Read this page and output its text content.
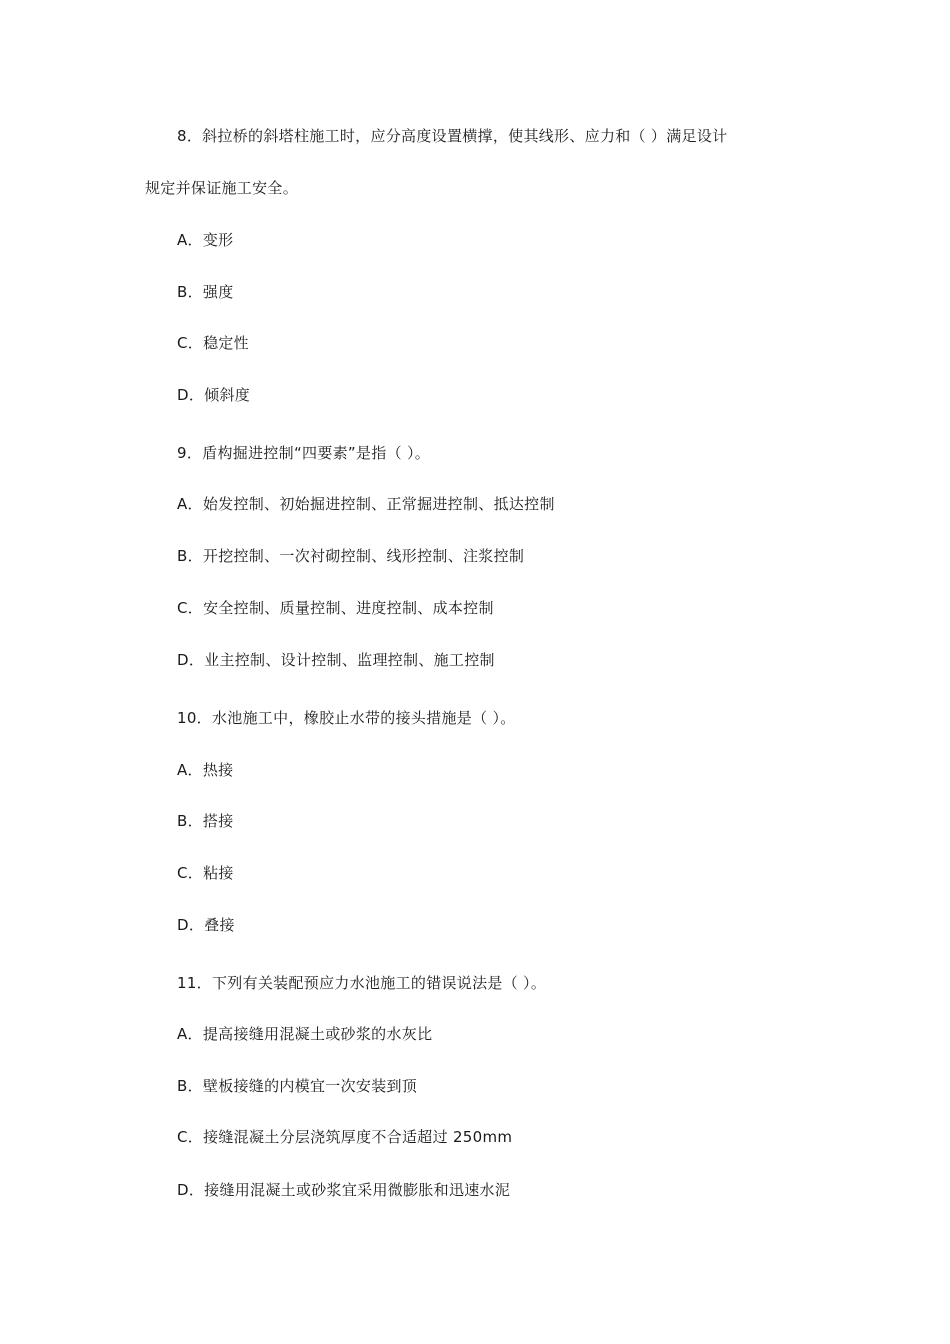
8．斜拉桥的斜塔柱施工时，应分高度设置横撑，使其线形、应力和（ ）满足设计
规定并保证施工安全。
A．变形
B．强度
C．稳定性
D．倾斜度
9．盾构掘进控制“四要素”是指（ ）。
A．始发控制、初始掘进控制、正常掘进控制、抵达控制
B．开挖控制、一次衬砌控制、线形控制、注浆控制
C．安全控制、质量控制、进度控制、成本控制
D．业主控制、设计控制、监理控制、施工控制
10．水池施工中，橡胶止水带的接头措施是（ ）。
A．热接
B．搭接
C．粘接
D．叠接
11．下列有关装配预应力水池施工的错误说法是（ ）。
A．提高接缝用混凝土或砂浆的水灰比
B．壁板接缝的内模宜一次安装到顶
C．接缝混凝土分层浇筑厚度不合适超过 250mm
D．接缝用混凝土或砂浆宜采用微膨胀和迅速水泥
